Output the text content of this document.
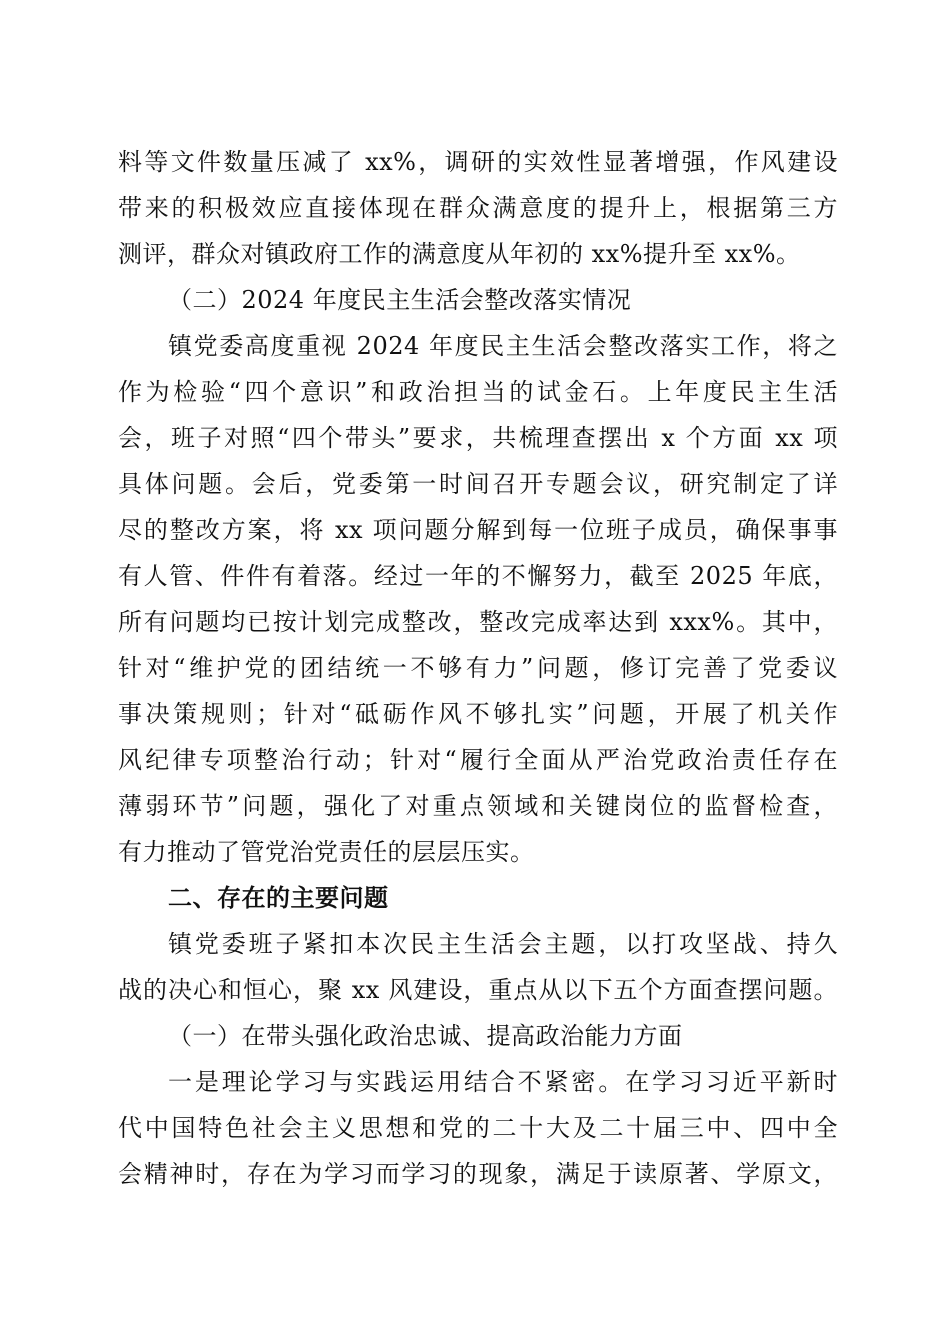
料等文件数量压减了 xx%，调研的实效性显著增强，作风建设
带来的积极效应直接体现在群众满意度的提升上，根据第三方
测评，群众对镇政府工作的满意度从年初的 xx%提升至 xx%。
（二）2024 年度民主生活会整改落实情况
镇党委高度重视 2024 年度民主生活会整改落实工作，将之
作为检验“四个意识”和政治担当的试金石。上年度民主生活
会，班子对照“四个带头”要求，共梳理查摆出 x 个方面 xx 项
具体问题。会后，党委第一时间召开专题会议，研究制定了详
尽的整改方案，将 xx 项问题分解到每一位班子成员，确保事事
有人管、件件有着落。经过一年的不懈努力，截至 2025 年底，
所有问题均已按计划完成整改，整改完成率达到 xxx%。其中，
针对“维护党的团结统一不够有力”问题，修订完善了党委议
事决策规则；针对“砥砺作风不够扎实”问题，开展了机关作
风纪律专项整治行动；针对“履行全面从严治党政治责任存在
薄弱环节”问题，强化了对重点领域和关键岗位的监督检查，
有力推动了管党治党责任的层层压实。
二、存在的主要问题
镇党委班子紧扣本次民主生活会主题，以打攻坚战、持久
战的决心和恒心，聚 xx 风建设，重点从以下五个方面查摆问题。
（一）在带头强化政治忠诚、提高政治能力方面
一是理论学习与实践运用结合不紧密。在学习习近平新时
代中国特色社会主义思想和党的二十大及二十届三中、四中全
会精神时，存在为学习而学习的现象，满足于读原著、学原文，
